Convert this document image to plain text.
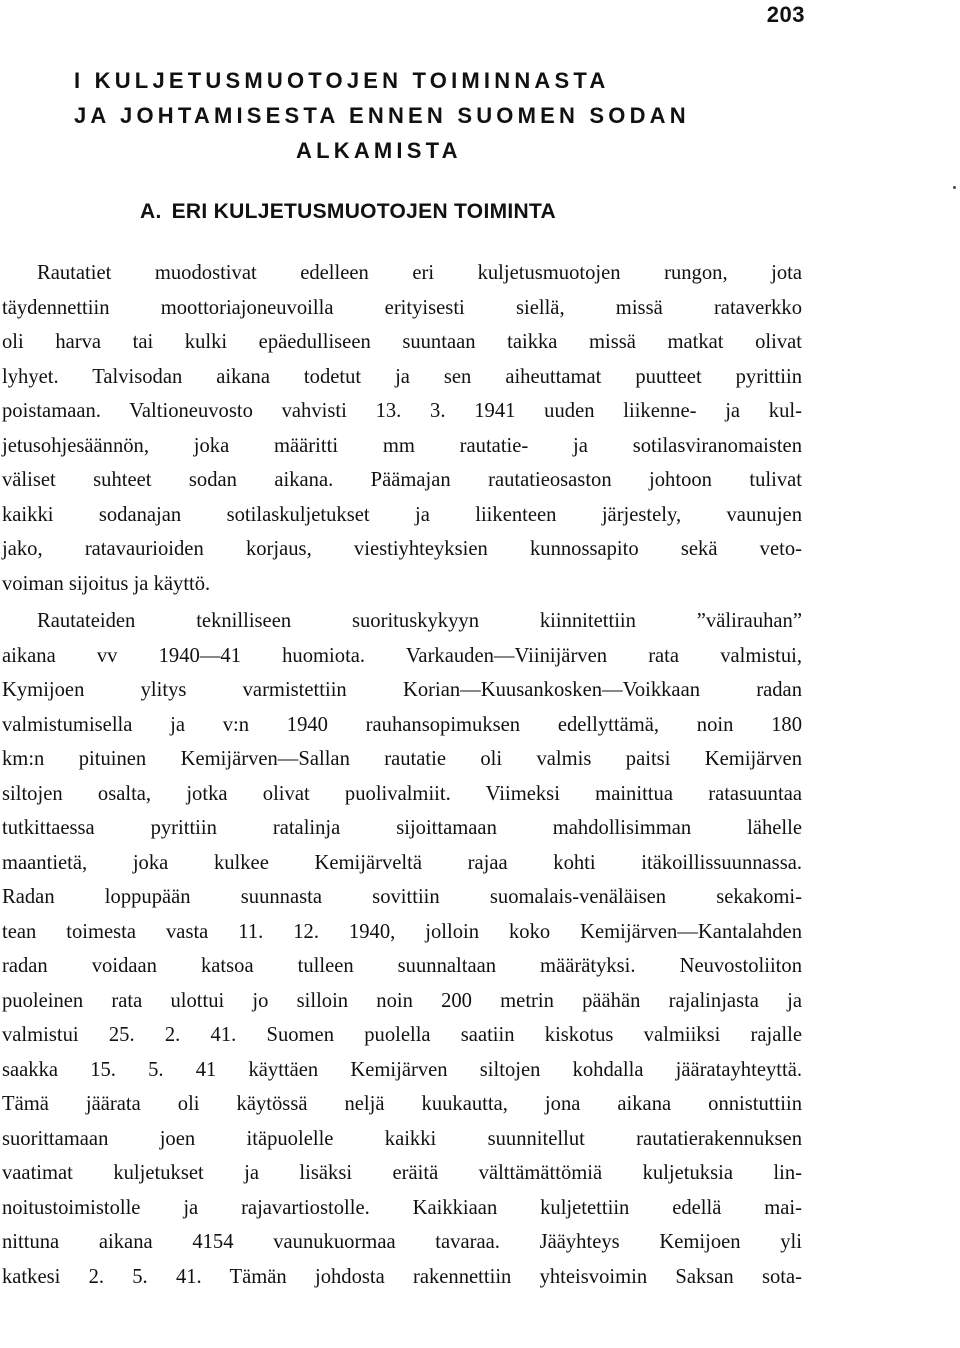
203
I KULJETUSMUOTOJEN TOIMINNASTA
JA JOHTAMISESTA ENNEN SUOMEN SODAN
ALKAMISTA
A. ERI KULJETUSMUOTOJEN TOIMINTA
Rautatiet muodostivat edelleen eri kuljetusmuotojen rungon, jota
täydennettiin moottoriajoneuvoilla erityisesti siellä, missä rataverkko
oli harva tai kulki epäedulliseen suuntaan taikka missä matkat olivat
lyhyet. Talvisodan aikana todetut ja sen aiheuttamat puutteet pyrittiin
poistamaan. Valtioneuvosto vahvisti 13. 3. 1941 uuden liikenne- ja kul-
jetusohjesäännön, joka määritti mm rautatie- ja sotilasviranomaisten
väliset suhteet sodan aikana. Päämajan rautatieosaston johtoon tulivat
kaikki sodanajan sotilaskuljetukset ja liikenteen järjestely, vaunujen
jako, ratavaurioiden korjaus, viestiyhteyksien kunnossapito sekä veto-
voiman sijoitus ja käyttö.
Rautateiden teknilliseen suorituskykyyn kiinnitettiin ”välirauhan”
aikana vv 1940—41 huomiota. Varkauden—Viinijärven rata valmistui,
Kymijoen ylitys varmistettiin Korian—Kuusankosken—Voikkaan radan
valmistumisella ja v:n 1940 rauhansopimuksen edellyttämä, noin 180
km:n pituinen Kemijärven—Sallan rautatie oli valmis paitsi Kemijärven
siltojen osalta, jotka olivat puolivalmiit. Viimeksi mainittua ratasuuntaa
tutkittaessa pyrittiin ratalinja sijoittamaan mahdollisimman lähelle
maantietä, joka kulkee Kemijärveltä rajaa kohti itäkoillissuunnassa.
Radan loppupään suunnasta sovittiin suomalais-venäläisen sekakomi-
tean toimesta vasta 11. 12. 1940, jolloin koko Kemijärven—Kantalahden
radan voidaan katsoa tulleen suunnaltaan määrätyksi. Neuvostoliiton
puoleinen rata ulottui jo silloin noin 200 metrin päähän rajalinjasta ja
valmistui 25. 2. 41. Suomen puolella saatiin kiskotus valmiiksi rajalle
saakka 15. 5. 41 käyttäen Kemijärven siltojen kohdalla jääratayhteyttä.
Tämä jäärata oli käytössä neljä kuukautta, jona aikana onnistuttiin
suorittamaan joen itäpuolelle kaikki suunnitellut rautatierakennuksen
vaatimat kuljetukset ja lisäksi eräitä välttämättömiä kuljetuksia lin-
noitustoimistolle ja rajavartiostolle. Kaikkiaan kuljetettiin edellä mai-
nittuna aikana 4154 vaunukuormaa tavaraa. Jääyhteys Kemijoen yli
katkesi 2. 5. 41. Tämän johdosta rakennettiin yhteisvoimin Saksan sota-
